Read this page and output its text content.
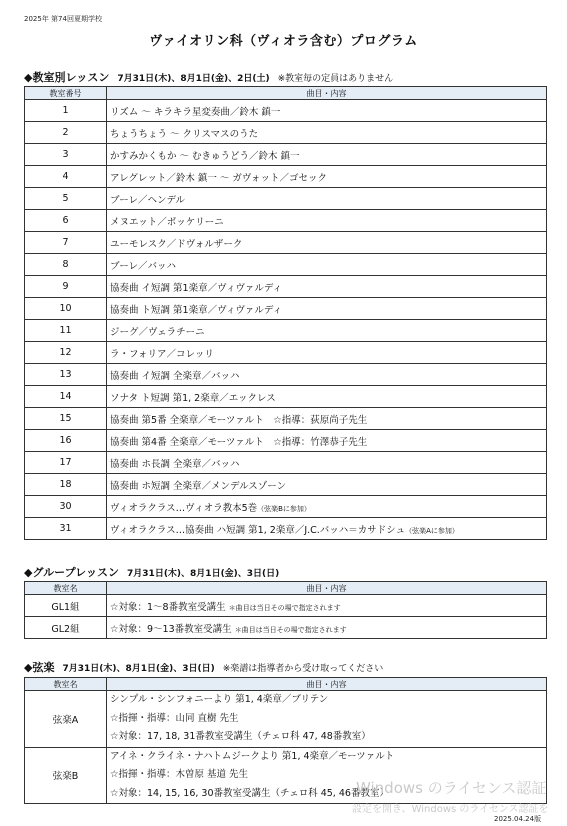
2025年 第74回夏期学校
ヴァイオリン科（ヴィオラ含む）プログラム
◆教室別レッスン 7月31日(木)、8月1日(金)、2日(土) ※教室毎の定員はありません
教室番号	曲目・内容
1	リズム 〜 キラキラ星変奏曲／鈴木 鎮一
2	ちょうちょう 〜 クリスマスのうた
3	かすみかくもか 〜 むきゅうどう／鈴木 鎮一
4	アレグレット／鈴木 鎮一 〜 ガヴォット／ゴセック
5	ブーレ／ヘンデル
6	メヌエット／ボッケリーニ
7	ユーモレスク／ドヴォルザーク
8	ブーレ／バッハ
9	協奏曲 イ短調 第1楽章／ヴィヴァルディ
10	協奏曲 ト短調 第1楽章／ヴィヴァルディ
11	ジーグ／ヴェラチーニ
12	ラ・フォリア／コレッリ
13	協奏曲 イ短調 全楽章／バッハ
14	ソナタ ト短調 第1, 2楽章／エックレス
15	協奏曲 第5番 全楽章／モーツァルト　☆指導：荻原尚子先生
16	協奏曲 第4番 全楽章／モーツァルト　☆指導：竹澤恭子先生
17	協奏曲 ホ長調 全楽章／バッハ
18	協奏曲 ホ短調 全楽章／メンデルスゾーン
30	ヴィオラクラス…ヴィオラ教本5巻（弦楽Bに参加）
31	ヴィオラクラス…協奏曲 ハ短調 第1, 2楽章／J.C.バッハ＝カサドシュ（弦楽Aに参加）
◆グループレッスン 7月31日(木)、8月1日(金)、3日(日)
教室名	曲目・内容
GL1組	☆対象：1〜8番教室受講生 ＊曲目は当日その場で指定されます
GL2組	☆対象：9〜13番教室受講生 ＊曲目は当日その場で指定されます
◆弦楽 7月31日(木)、8月1日(金)、3日(日) ※楽譜は指導者から受け取ってください
教室名	曲目・内容
弦楽A	シンプル・シンフォニーより 第1, 4楽章／ブリテン
☆指揮・指導：山同 直樹 先生
☆対象：17, 18, 31番教室受講生（チェロ科 47, 48番教室）

弦楽B	アイネ・クライネ・ナハトムジークより 第1, 4楽章／モーツァルト
☆指揮・指導：木曽原 基道 先生
☆対象：14, 15, 16, 30番教室受講生（チェロ科 45, 46番教室）
Windows のライセンス認証
設定を開き、Windows のライセンス認証を
2025.04.24版
